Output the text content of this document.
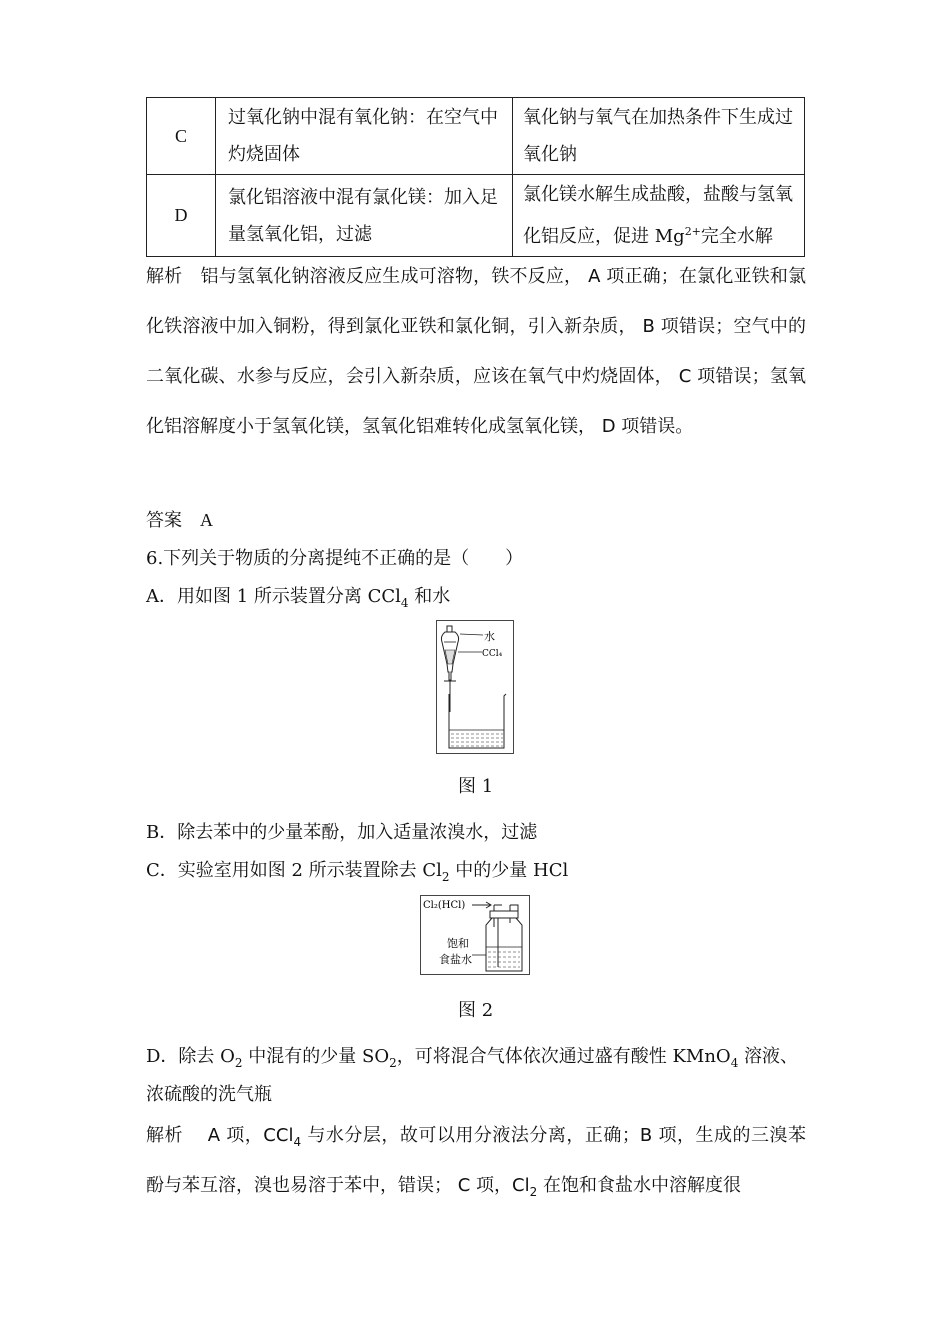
C	过氧化钠中混有氧化钠：在空气中灼烧固体	氧化钠与氧气在加热条件下生成过氧化钠
D	氯化铝溶液中混有氯化镁：加入足量氢氧化铝，过滤	氯化镁水解生成盐酸，盐酸与氢氧化铝反应，促进 $Mg^{2+}$完全水解
解析　 铝与氢氧化钠溶液反应生成可溶物，铁不反应， A 项正确；在氯化亚铁和氯化铁溶液中加入铜粉，得到氯化亚铁和氯化铜，引入新杂质， B 项错误；空气中的二氧化碳、水参与反应，会引入新杂质，应该在氧气中灼烧固体， C 项错误；氢氧化铝溶解度小于氢氧化镁，氢氧化铝难转化成氢氧化镁， D 项错误。
答案　 A
6.下列关于物质的分离提纯不正确的是（　　）
A．用如图 1 所示装置分离 CCl$_4$ 和水
水
CCl₄
图 1
B．除去苯中的少量苯酚，加入适量浓溴水，过滤
C．实验室用如图 2 所示装置除去 $Cl_2$ 中的少量 HCl
Cl₂(HCl)
饱和
食盐水
图 2
D．除去 $O_2$ 中混有的少量 $SO_2$，可将混合气体依次通过盛有酸性 KMnO$_4$ 溶液、
浓硫酸的洗气瓶
解析　 A 项，CCl$_4$ 与水分层，故可以用分液法分离，正确；B 项，生成的三溴苯酚与苯互溶，溴也易溶于苯中，错误； C 项，$Cl_2$ 在饱和食盐水中溶解度很
